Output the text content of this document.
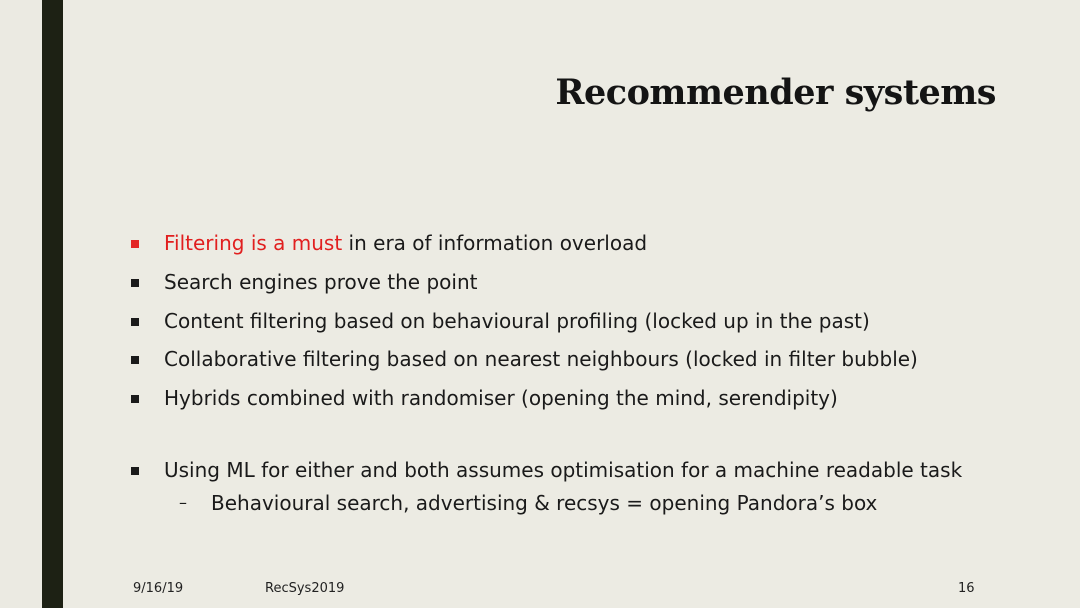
Recommender systems
Filtering is a must in era of information overload
Search engines prove the point
Content filtering based on behavioural profiling (locked up in the past)
Collaborative filtering based on nearest neighbours (locked in filter bubble)
Hybrids combined with randomiser (opening the mind, serendipity)
Using ML for either and both assumes optimisation for a machine readable task
– Behavioural search, advertising & recsys = opening Pandora’s box
9/16/19	RecSys2019	16
